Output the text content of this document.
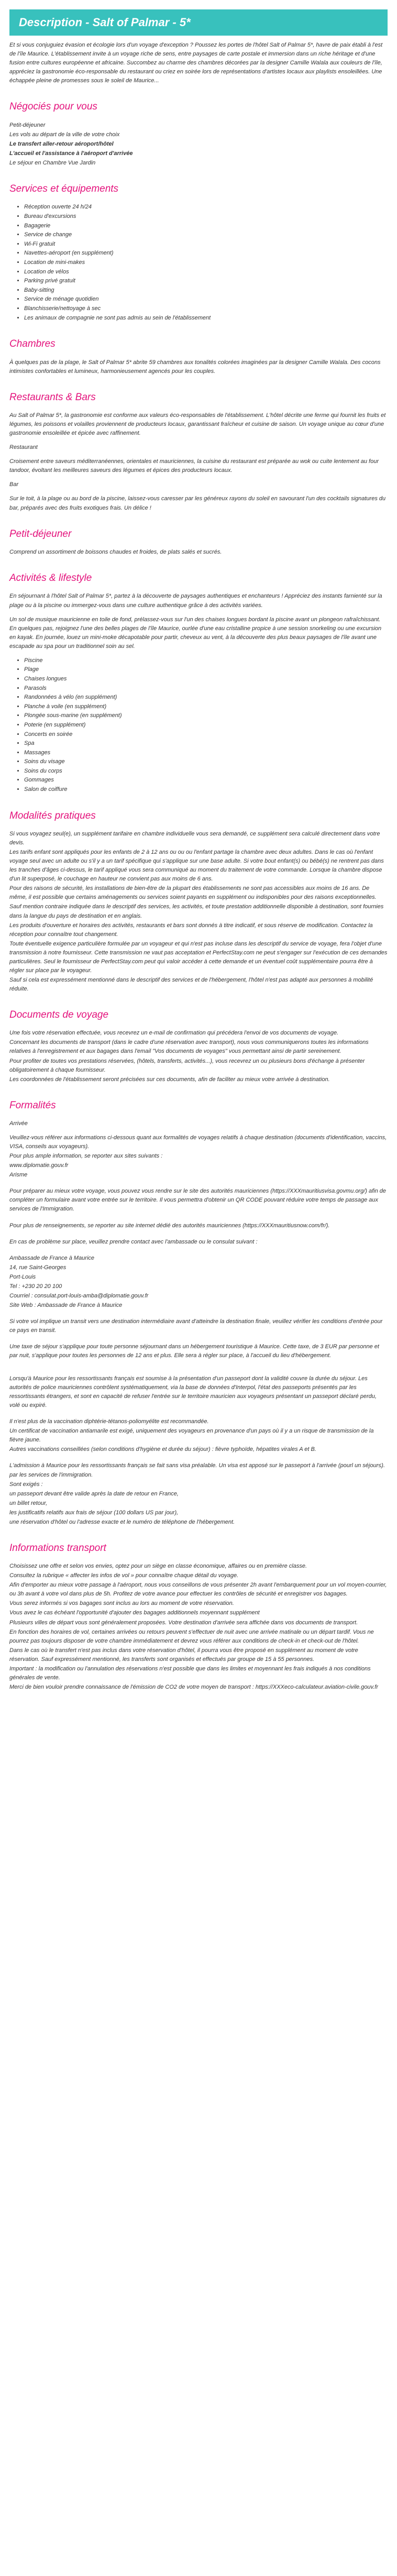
Description - Salt of Palmar - 5*

Et si vous conjuguiez évasion et écologie lors d'un voyage d'exception ? Poussez les portes de l'hôtel Salt of Palmar 5*, havre de paix établi à l'est de l'île Maurice. L'établissement invite à un voyage riche de sens, entre paysages de carte postale et immersion dans un riche héritage et d'une fusion entre cultures européenne et africaine. Succombez au charme des chambres décorées par la designer Camille Walala aux couleurs de l'île, appréciez la gastronomie éco-responsable du restaurant ou criez en soirée lors de représentations d'artistes locaux aux playlists ensoleillées. Une échappée pleine de promesses sous le soleil de Maurice...

Négociés pour vous
Petit-déjeuner
Les vols au départ de la ville de votre choix
Le transfert aller-retour aéroport/hôtel
L'accueil et l'assistance à l'aéroport d'arrivée
Le séjour en Chambre Vue Jardin
Services et équipements
• Réception ouverte 24 h/24
• Bureau d'excursions
• Bagagerie
• Service de change
• Wi-Fi gratuit
• Navettes-aéroport (en supplément)
• Location de mini-makes
• Location de vélos
• Parking privé gratuit
• Baby-sitting
• Service de ménage quotidien
• Blanchisserie/nettoyage à sec
• Les animaux de compagnie ne sont pas admis au sein de l'établissement
Chambres

À quelques pas de la plage, le Salt of Palmar 5* abrite 59 chambres aux tonalités colorées imaginées par la designer Camille Walala. Des cocons intimistes confortables et lumineux, harmonieusement agencés pour les couples.

Restaurants & Bars

Au Salt of Palmar 5*, la gastronomie est conforme aux valeurs éco-responsables de l'établissement. L'hôtel décrite une ferme qui fournit les fruits et légumes, les poissons et volailles proviennent de producteurs locaux, garantissant fraîcheur et cuisine de saison. Un voyage unique au cœur d'une gastronomie ensoleillée et épicée avec raffinement.

Restaurant

Croisement entre saveurs méditerranéennes, orientales et mauriciennes, la cuisine du restaurant est préparée au wok ou cuite lentement au four tandoor, évoltant les meilleures saveurs des légumes et épices des producteurs locaux.

Bar

Sur le toit, à la plage ou au bord de la piscine, laissez-vous caresser par les généreux rayons du soleil en savourant l'un des cocktails signatures du bar, préparés avec des fruits exotiques frais. Un délice !

Petit-déjeuner

Comprend un assortiment de boissons chaudes et froides, de plats salés et sucrés.

Activités & lifestyle

En séjournant à l'hôtel Salt of Palmar 5*, partez à la découverte de paysages authentiques et enchanteurs ! Appréciez des instants farnienté sur la plage ou à la piscine ou immergez-vous dans une culture authentique grâce à des activités variées.

Un sol de musique mauricienne en toile de fond, prélassez-vous sur l'un des chaises longues bordant la piscine avant un plongeon rafraîchissant. En quelques pas, rejoignez l'une des belles plages de l'île Maurice, ourlée d'une eau cristalline propice à une session snorkeling ou une excursion en kayak. En journée, louez un mini-moke décapotable pour partir, cheveux au vent, à la découverte des plus beaux paysages de l'île avant une escapade au spa pour un traditionnel soin au sel.

• Piscine
• Plage
• Chaises longues
• Parasols
• Randonnées à vélo (en supplément)
• Planche à voile (en supplément)
• Plongée sous-marine (en supplément)
• Poterie (en supplément)
• Concerts en soirée
• Spa
• Massages
• Soins du visage
• Soins du corps
• Gommages
• Salon de coiffure
Modalités pratiques
Si vous voyagez seul(e), un supplément tarifaire en chambre individuelle vous sera demandé, ce supplément sera calculé directement dans votre devis.
Les tarifs enfant sont appliqués pour les enfants de 2 à 12 ans ou ou ou l'enfant partage la chambre avec deux adultes. Dans le cas où l'enfant voyage seul avec un adulte ou s'il y a un tarif spécifique qui s'applique sur une base adulte. Si votre bout enfant(s) ou bébé(s) ne rentrent pas dans les tranches d'âges ci-dessus, le tarif appliqué vous sera communiqué au moment du traitement de votre commande. Lorsque la chambre dispose d'un lit superposé, le couchage en hauteur ne convient pas aux moins de 6 ans.
Pour des raisons de sécurité, les installations de bien-être de la plupart des établissements ne sont pas accessibles aux moins de 16 ans. De même, il est possible que certains aménagements ou services soient payants en supplément ou indisponibles pour des raisons exceptionnelles.
Sauf mention contraire indiquée dans le descriptif des services, les activités, et toute prestation additionnelle disponible à destination, sont fournies dans la langue du pays de destination et en anglais.
Les produits d'ouverture et horaires des activités, restaurants et bars sont donnés à titre indicatif, et sous réserve de modification. Contactez la réception pour connaître tout changement.
Toute éventuelle exigence particulière formulée par un voyageur et qui n'est pas incluse dans les descriptif du service de voyage, fera l'objet d'une transmission à notre fournisseur. Cette transmission ne vaut pas acceptation et PerfectStay.com ne peut s'engager sur l'exécution de ces demandes particulières. Seul le fournisseur de PerfectStay.com peut qui valoir accéder à cette demande et un éventuel coût supplémentaire pourra être à régler sur place par le voyageur.
Sauf si cela est expressément mentionné dans le descriptif des services et de l'hébergement, l'hôtel n'est pas adapté aux personnes à mobilité réduite.
Documents de voyage
Une fois votre réservation effectuée, vous recevrez un e-mail de confirmation qui précédera l'envoi de vos documents de voyage.
Concernant les documents de transport (dans le cadre d'une réservation avec transport), nous vous communiquerons toutes les informations relatives à l'enregistrement et aux bagages dans l'email "Vos documents de voyages" vous permettant ainsi de partir sereinement.
Pour profiter de toutes vos prestations réservées, (hôtels, transferts, activités...), vous recevrez un ou plusieurs bons d'échange à présenter obligatoirement à chaque fournisseur.
Les coordonnées de l'établissement seront précisées sur ces documents, afin de faciliter au mieux votre arrivée à destination.
Formalités

Arrivée

Veuillez-vous référer aux informations ci-dessous quant aux formalités de voyages relatifs à chaque destination (documents d'identification, vaccins, VISA, conseils aux voyageurs).
Pour plus ample information, se reporter aux sites suivants :
www.diplomatie.gouv.fr
Arisme
Pour préparer au mieux votre voyage, vous pouvez vous rendre sur le site des autorités mauriciennes (https://XXXmauritiusvisa.govmu.org/) afin de compléter un formulaire avant votre entrée sur le territoire. Il vous permettra d'obtenir un QR CODE pouvant réduire votre temps de passage aux services de l'Immigration.
Pour plus de renseignements, se reporter au site internet dédié des autorités mauriciennes (https://XXXmauritiusnow.com/fr/).
En cas de problème sur place, veuillez prendre contact avec l'ambassade ou le consulat suivant :
Ambassade de France à Maurice
14, rue Saint-Georges
Port-Louis
Tel : +230 20 20 100
Courriel : consulat.port-louis-amba@diplomatie.gouv.fr
Site Web : Ambassade de France à Maurice
Si votre vol implique un transit vers une destination intermédiaire avant d'atteindre la destination finale, veuillez vérifier les conditions d'entrée pour ce pays en transit.
Une taxe de séjour s'applique pour toute personne séjournant dans un hébergement touristique à Maurice. Cette taxe, de 3 EUR par personne et par nuit, s'applique pour toutes les personnes de 12 ans et plus. Elle sera à régler sur place, à l'accueil du lieu d'hébergement.
Lorsqu'à Maurice pour les ressortissants français est soumise à la présentation d'un passeport dont la validité couvre la durée du séjour. Les autorités de police mauriciennes contrôlent systématiquement, via la base de données d'Interpol, l'état des passeports présentés par les ressortissants étrangers, et sont en capacité de refuser l'entrée sur le territoire mauricien aux voyageurs présentant un passeport déclaré perdu, volé ou expiré.
Il n'est plus de la vaccination diphtérie-tétanos-poliomyélite est recommandée.
Un certificat de vaccination antiamarile est exigé, uniquement des voyageurs en provenance d'un pays où il y a un risque de transmission de la fièvre jaune.
Autres vaccinations conseillées (selon conditions d'hygiène et durée du séjour) : fièvre typhoïde, hépatites virales A et B.
L'admission à Maurice pour les ressortissants français se fait sans visa préalable. Un visa est apposé sur le passeport à l'arrivée (pourl un séjour≤). par les services de l'immigration.
Sont exigés :
un passeport devant être valide après la date de retour en France,
un billet retour,
les justificatifs relatifs aux frais de séjour (100 dollars US par jour),
une réservation d'hôtel ou l'adresse exacte et le numéro de téléphone de l'hébergement.
Informations transport
Choisissez une offre et selon vos envies, optez pour un siège en classe économique, affaires ou en première classe.
Consultez la rubrique « affecter les infos de vol » pour connaître chaque détail du voyage.
Afin d'emporter au mieux votre passage à l'aéroport, nous vous conseillons de vous présenter 2h avant l'embarquement pour un vol moyen-courrier, ou 3h avant à votre vol dans plus de 5h. Profitez de votre avance pour effectuer les contrôles de sécurité et enregistrer vos bagages.
Vous serez informés si vos bagages sont inclus au lors au moment de votre réservation.
Vous avez le cas échéant l'opportunité d'ajouter des bagages additionnels moyennant supplément
Plusieurs villes de départ vous sont généralement proposées. Votre destination d'arrivée sera affichée dans vos documents de transport.
En fonction des horaires de vol, certaines arrivées ou retours peuvent s'effectuer de nuit avec une arrivée matinale ou un départ tardif. Vous ne pourrez pas toujours disposer de votre chambre immédiatement et devrez vous référer aux conditions de check-in et check-out de l'hôtel.
Dans le cas où le transfert n'est pas inclus dans votre réservation d'hôtel, il pourra vous être proposé en supplément au moment de votre réservation. Sauf expressément mentionné, les transferts sont organisés et effectués par groupe de 15 à 55 personnes.
Important : la modification ou l'annulation des réservations n'est possible que dans les limites et moyennant les frais indiqués à nos conditions générales de vente.
Merci de bien vouloir prendre connaissance de l'émission de CO2 de votre moyen de transport : https://XXXeco-calculateur.aviation-civile.gouv.fr
